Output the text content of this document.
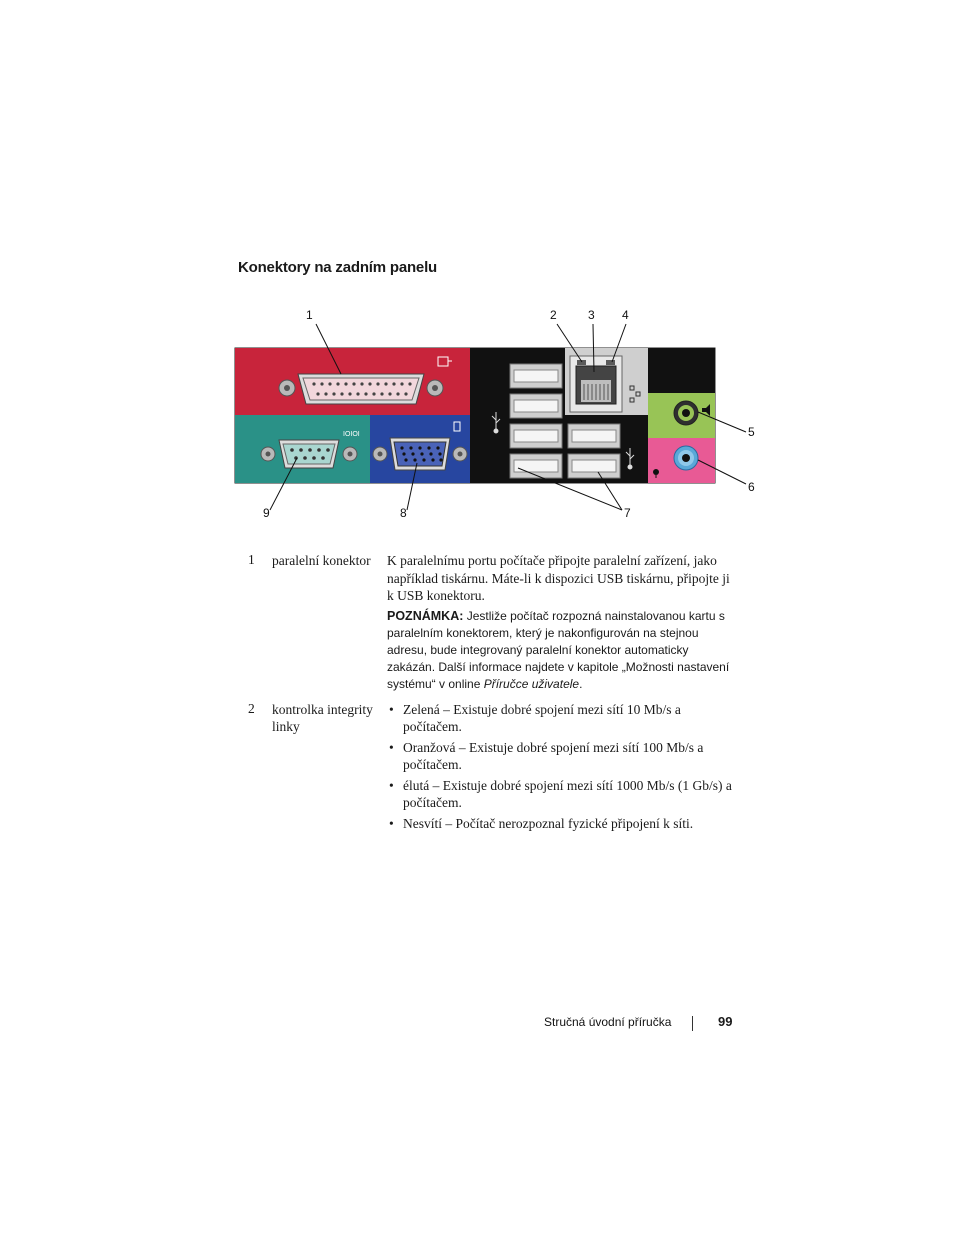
Konektory na zadním panelu
IOIOI
1	2	3 4
5
6
7
8
9
1 paralelní konektor	K paralelnímu portu počítače připojte paralelní zařízení, jako například tiskárnu. Máte-li k dispozici USB tiskárnu, připojte ji k USB konektoru.
POZNÁMKA: Jestliže počítač rozpozná nainstalovanou kartu s paralelním konektorem, který je nakonfigurován na stejnou adresu, bude integrovaný paralelní konektor automaticky zakázán. Další informace najdete v kapitole „Možnosti nastavení systému“ v online Příručce uživatele.
2 kontrolka integrity linky
• Zelená – Existuje dobré spojení mezi sítí 10 Mb/s a počítačem.
• Oranžová – Existuje dobré spojení mezi sítí 100 Mb/s a počítačem.
• élutá – Existuje dobré spojení mezi sítí 1000 Mb/s (1 Gb/s) a počítačem.
• Nesvítí – Počítač nerozpoznal fyzické připojení k síti.
Stručná úvodní příručka	99
